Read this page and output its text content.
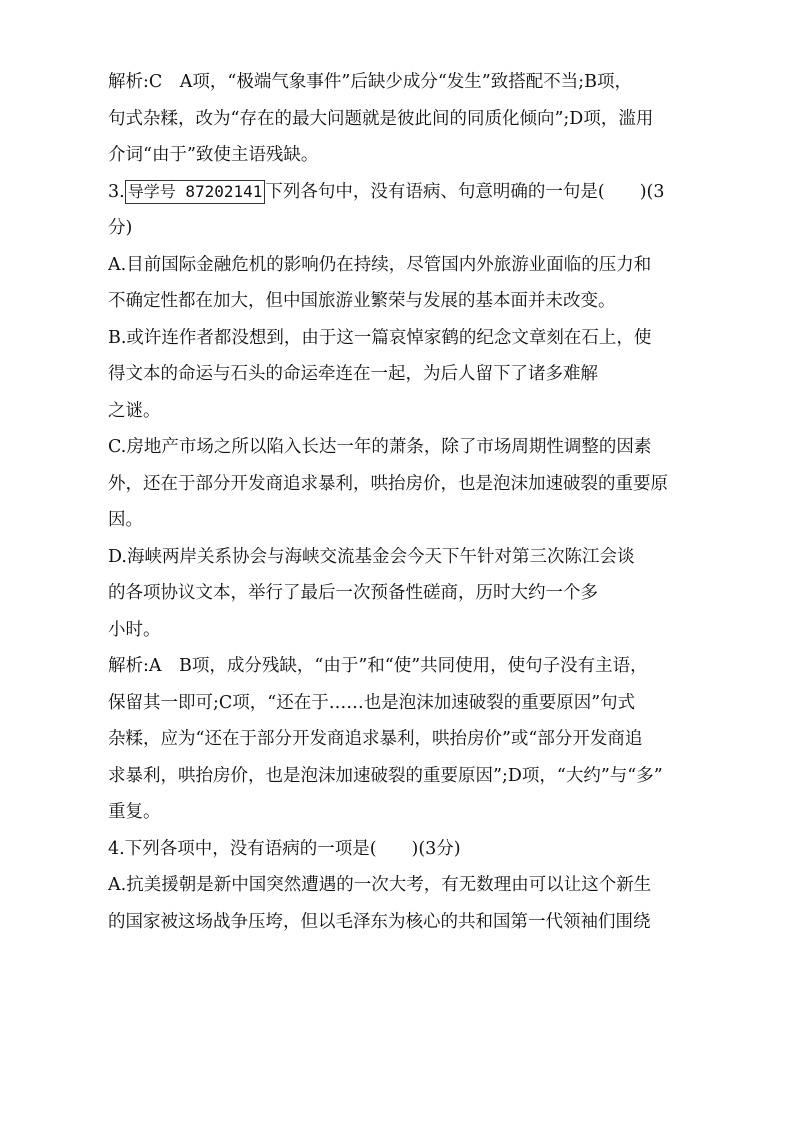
解析:C　A项，“极端气象事件”后缺少成分“发生”致搭配不当;B项，
句式杂糅，改为“存在的最大问题就是彼此间的同质化倾向”;D项，滥用
介词“由于”致使主语残缺。
3. 导学号 87202141 下列各句中，没有语病、句意明确的一句是(　　)(3
分)
A.目前国际金融危机的影响仍在持续，尽管国内外旅游业面临的压力和
不确定性都在加大，但中国旅游业繁荣与发展的基本面并未改变。
B.或许连作者都没想到，由于这一篇哀悼家鹤的纪念文章刻在石上，使
得文本的命运与石头的命运牵连在一起，为后人留下了诸多难解
之谜。
C.房地产市场之所以陷入长达一年的萧条，除了市场周期性调整的因素
外，还在于部分开发商追求暴利，哄抬房价，也是泡沫加速破裂的重要原
因。
D.海峡两岸关系协会与海峡交流基金会今天下午针对第三次陈江会谈
的各项协议文本，举行了最后一次预备性磋商，历时大约一个多
小时。
解析:A　B项，成分残缺，“由于”和“使”共同使用，使句子没有主语，
保留其一即可;C项，“还在于……也是泡沫加速破裂的重要原因”句式
杂糅，应为“还在于部分开发商追求暴利，哄抬房价”或“部分开发商追
求暴利，哄抬房价，也是泡沫加速破裂的重要原因”;D项，“大约”与“多”
重复。
4.下列各项中，没有语病的一项是(　　)(3分)
A.抗美援朝是新中国突然遭遇的一次大考，有无数理由可以让这个新生
的国家被这场战争压垮，但以毛泽东为核心的共和国第一代领袖们围绕
